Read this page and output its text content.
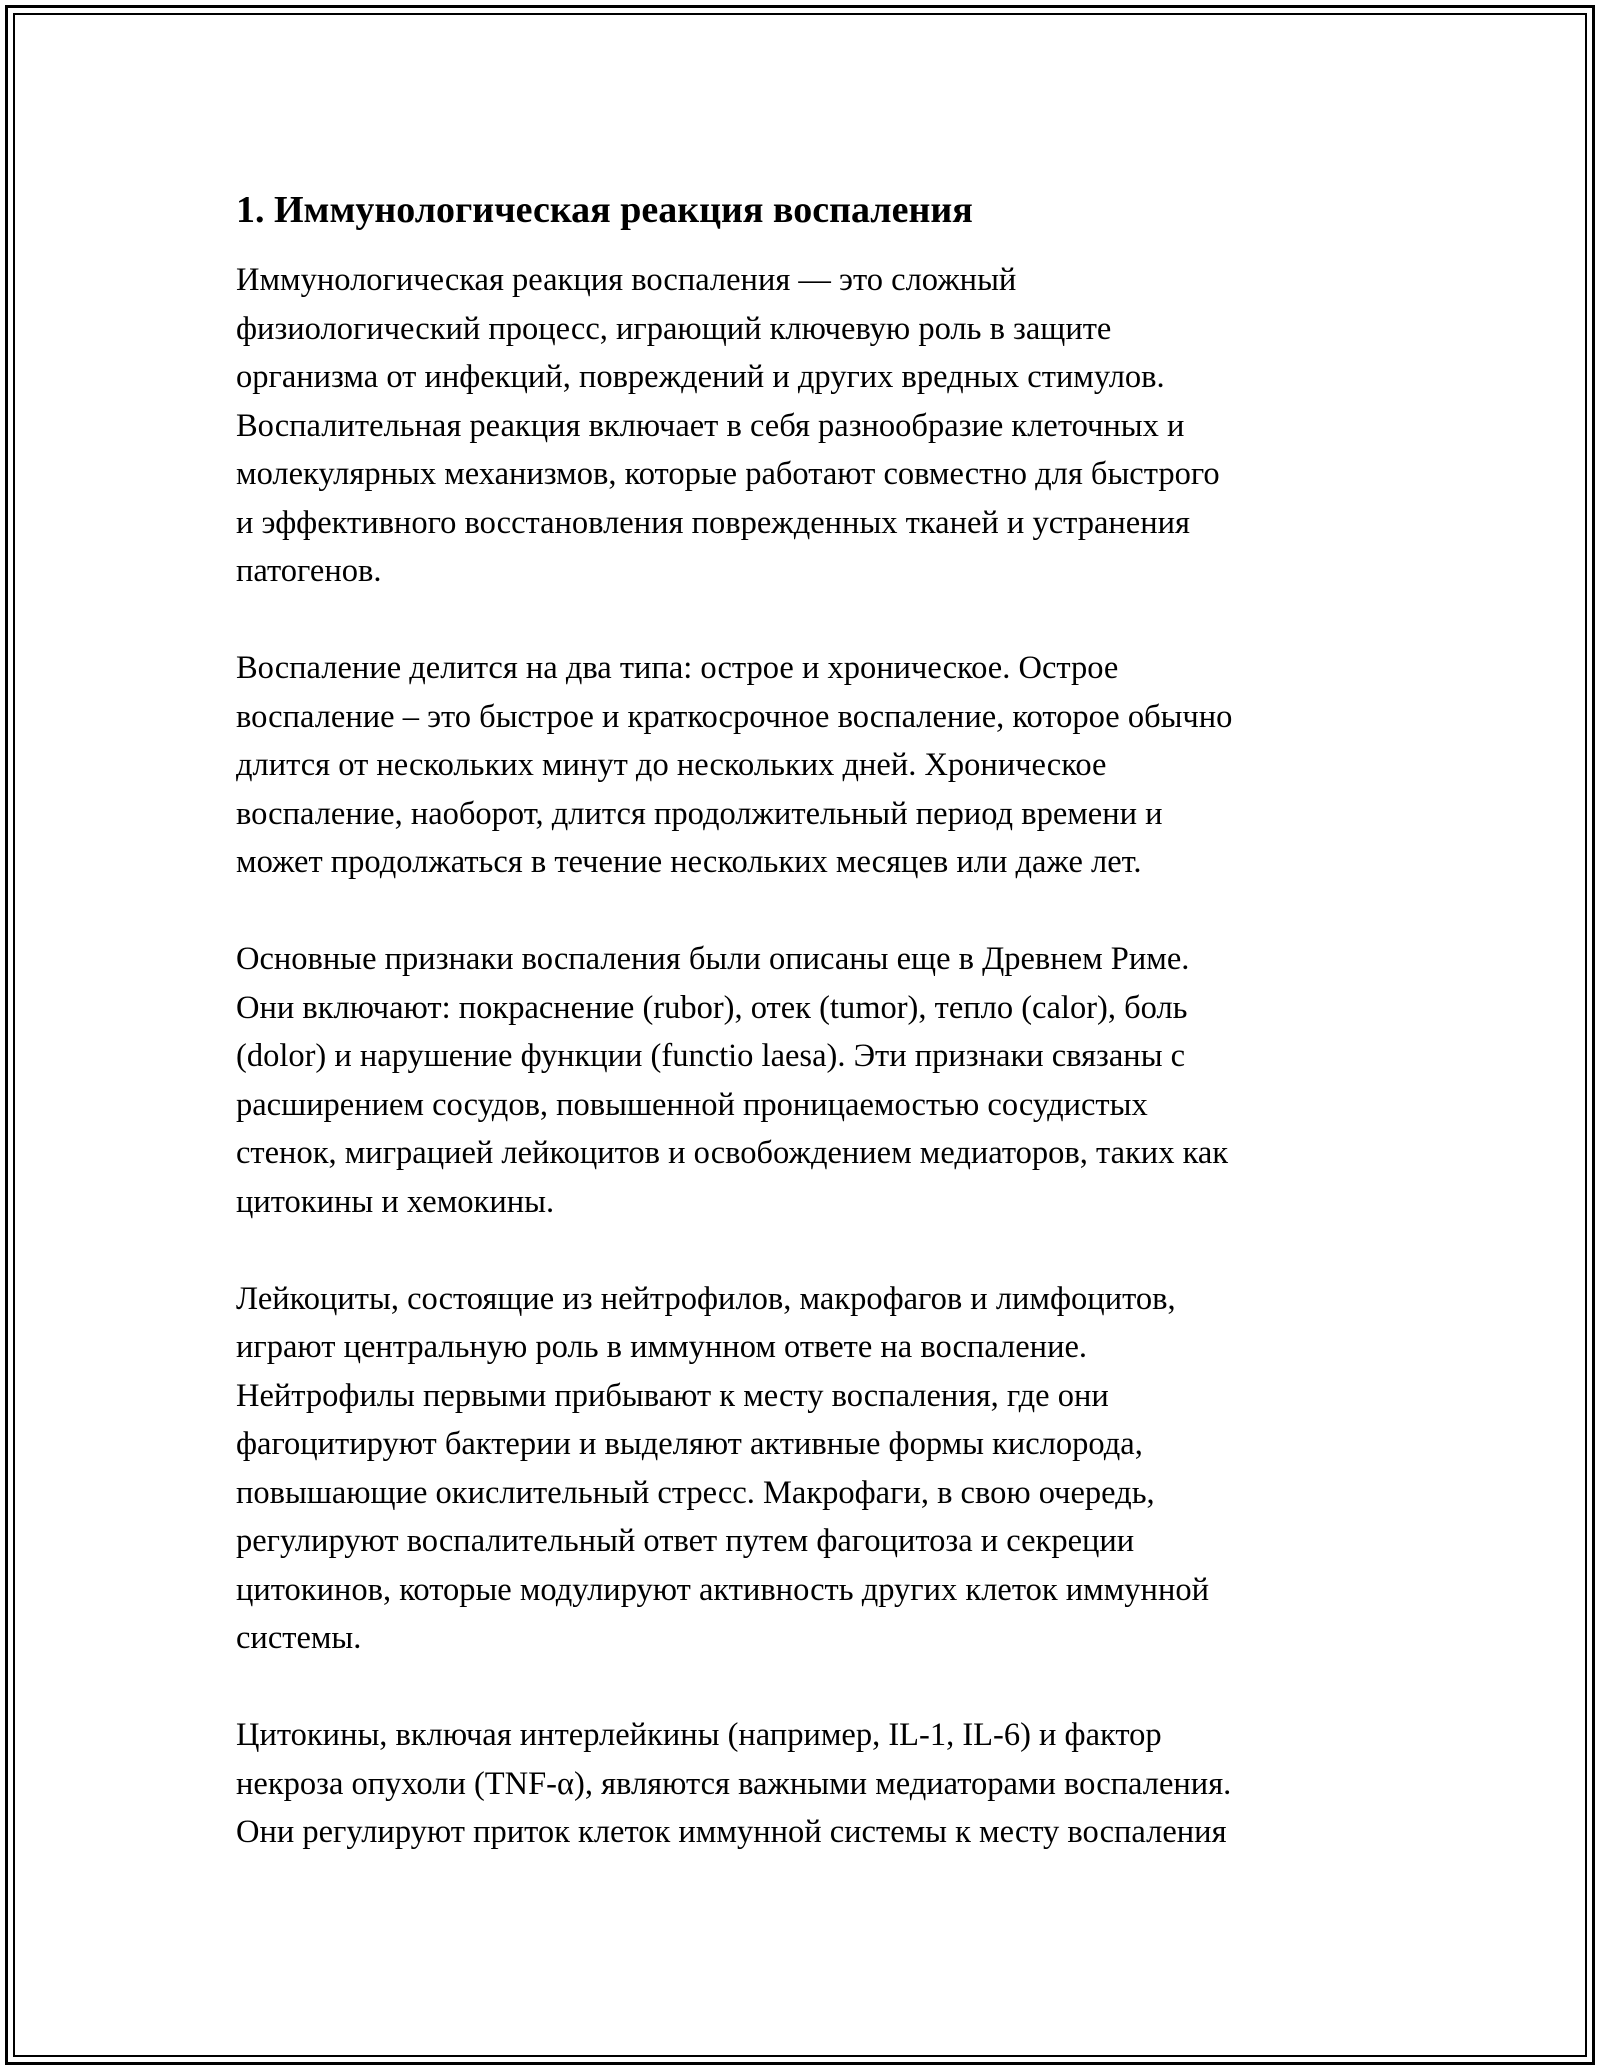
1. Иммунологическая реакция воспаления

Иммунологическая реакция воспаления — это сложный
физиологический процесс, играющий ключевую роль в защите
организма от инфекций, повреждений и других вредных стимулов.
Воспалительная реакция включает в себя разнообразие клеточных и
молекулярных механизмов, которые работают совместно для быстрого
и эффективного восстановления поврежденных тканей и устранения
патогенов.

Воспаление делится на два типа: острое и хроническое. Острое
воспаление – это быстрое и краткосрочное воспаление, которое обычно
длится от нескольких минут до нескольких дней. Хроническое
воспаление, наоборот, длится продолжительный период времени и
может продолжаться в течение нескольких месяцев или даже лет.

Основные признаки воспаления были описаны еще в Древнем Риме.
Они включают: покраснение (rubor), отек (tumor), тепло (calor), боль
(dolor) и нарушение функции (functio laesa). Эти признаки связаны с
расширением сосудов, повышенной проницаемостью сосудистых
стенок, миграцией лейкоцитов и освобождением медиаторов, таких как
цитокины и хемокины.

Лейкоциты, состоящие из нейтрофилов, макрофагов и лимфоцитов,
играют центральную роль в иммунном ответе на воспаление.
Нейтрофилы первыми прибывают к месту воспаления, где они
фагоцитируют бактерии и выделяют активные формы кислорода,
повышающие окислительный стресс. Макрофаги, в свою очередь,
регулируют воспалительный ответ путем фагоцитоза и секреции
цитокинов, которые модулируют активность других клеток иммунной
системы.

Цитокины, включая интерлейкины (например, IL-1, IL-6) и фактор
некроза опухоли (TNF-α), являются важными медиаторами воспаления.
Они регулируют приток клеток иммунной системы к месту воспаления
